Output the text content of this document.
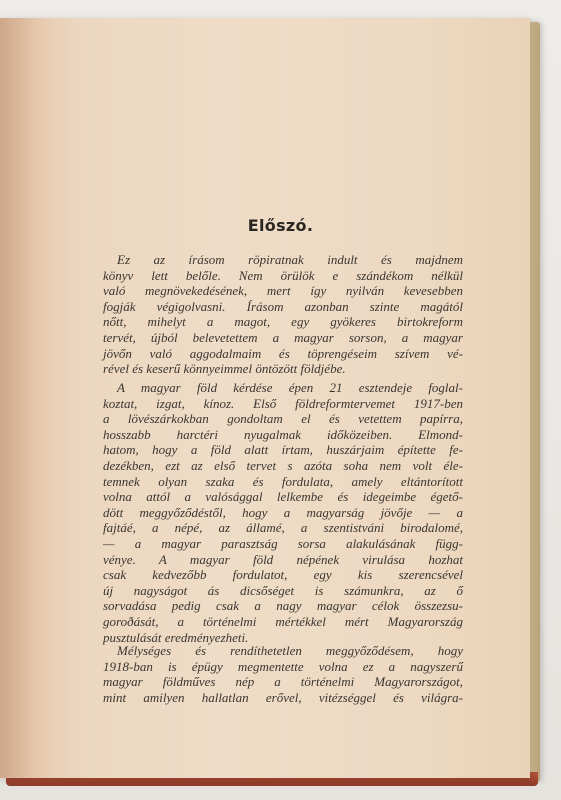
Előszó.
Ez az írásom röpiratnak indult és majdnem
könyv lett belőle. Nem örülök e szándékom nélkül
való megnövekedésének, mert így nyilván kevesebben
fogják végigolvasni. Írásom azonban szinte magától
nőtt, mihelyt a magot, egy gyökeres birtokreform
tervét, újból belevetettem a magyar sorson, a magyar
jövőn való aggodalmaim és töprengéseim szívem vé-
rével és keserű könnyeimmel öntözött földjébe.
A magyar föld kérdése épen 21 esztendeje foglal-
koztat, izgat, kínoz. Első földreformtervemet 1917-ben
a lövészárkokban gondoltam el és vetettem papírra,
hosszabb harctéri nyugalmak időközeiben. Elmond-
hatom, hogy a föld alatt írtam, huszárjaim építette fe-
dezékben, ezt az első tervet s azóta soha nem volt éle-
temnek olyan szaka és fordulata, amely eltántorított
volna attól a valósággal lelkembe és idegeimbe égető-
dött meggyőződéstől, hogy a magyarság jövője — a
fajtáé, a népé, az államé, a szentistváni birodalomé,
— a magyar parasztság sorsa alakulásának függ-
vénye. A magyar föld népének virulása hozhat
csak kedvezőbb fordulatot, egy kis szerencsével
új nagyságot ás dicsőséget is számunkra, az ő
sorvadása pedig csak a nagy magyar célok összezsu-
goroðását, a történelmi mértékkel mért Magyarország
pusztulását eredményezheti.
Mélységes és rendíthetetlen meggyőződésem, hogy
1918-ban is épügy megmentette volna ez a nagyszerű
magyar földműves nép a történelmi Magyarországot,
mint amilyen hallatlan erővel, vitézséggel és világra-
